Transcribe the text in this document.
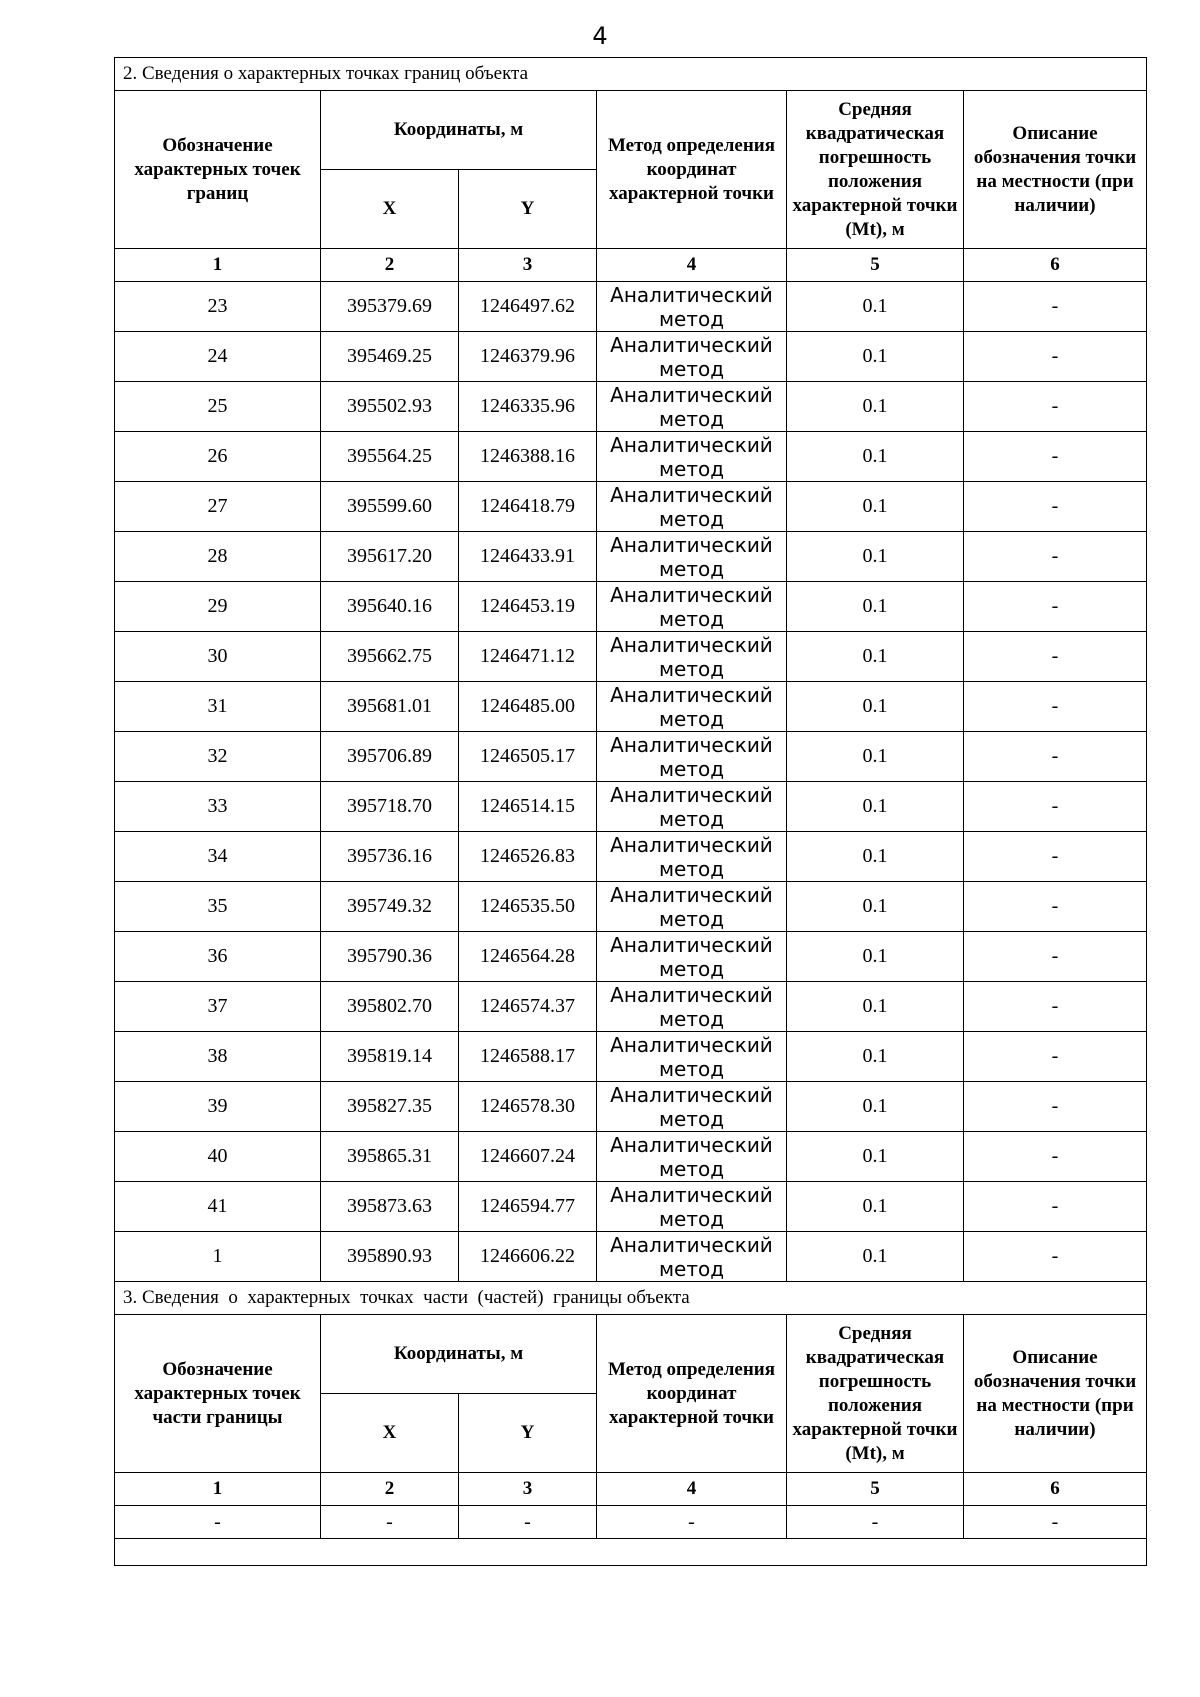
4
2. Сведения о характерных точках границ объекта					
Обозначение характерных точек границ	Координаты, м		Метод определения координат характерной точки	Средняя квадратическая погрешность положения характерной точки (Mt), м	Описание обозначения точки на местности (при наличии)
	X	Y			
1	2	3	4	5	6
23	395379.69	1246497.62	Аналитический метод	0.1	-
24	395469.25	1246379.96	Аналитический метод	0.1	-
25	395502.93	1246335.96	Аналитический метод	0.1	-
26	395564.25	1246388.16	Аналитический метод	0.1	-
27	395599.60	1246418.79	Аналитический метод	0.1	-
28	395617.20	1246433.91	Аналитический метод	0.1	-
29	395640.16	1246453.19	Аналитический метод	0.1	-
30	395662.75	1246471.12	Аналитический метод	0.1	-
31	395681.01	1246485.00	Аналитический метод	0.1	-
32	395706.89	1246505.17	Аналитический метод	0.1	-
33	395718.70	1246514.15	Аналитический метод	0.1	-
34	395736.16	1246526.83	Аналитический метод	0.1	-
35	395749.32	1246535.50	Аналитический метод	0.1	-
36	395790.36	1246564.28	Аналитический метод	0.1	-
37	395802.70	1246574.37	Аналитический метод	0.1	-
38	395819.14	1246588.17	Аналитический метод	0.1	-
39	395827.35	1246578.30	Аналитический метод	0.1	-
40	395865.31	1246607.24	Аналитический метод	0.1	-
41	395873.63	1246594.77	Аналитический метод	0.1	-
1	395890.93	1246606.22	Аналитический метод	0.1	-
3. Сведения  о  характерных  точках  части  (частей)  границы объекта					
Обозначение характерных точек части границы	Координаты, м		Метод определения координат характерной точки	Средняя квадратическая погрешность положения характерной точки (Mt), м	Описание обозначения точки на местности (при наличии)
	X	Y			
1	2	3	4	5	6
-	-	-	-	-	-
